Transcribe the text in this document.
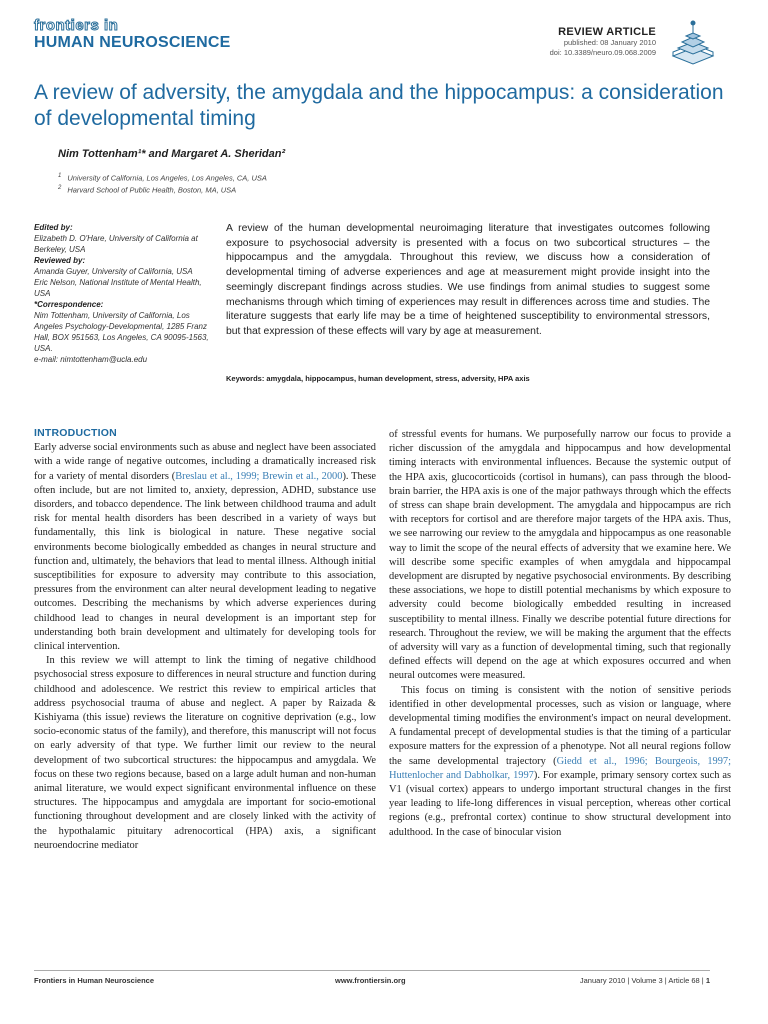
frontiers in
HUMAN NEUROSCIENCE
REVIEW ARTICLE
published: 08 January 2010
doi: 10.3389/neuro.09.068.2009
A review of adversity, the amygdala and the hippocampus: a consideration of developmental timing
Nim Tottenham¹* and Margaret A. Sheridan²
$^1$ University of California, Los Angeles, Los Angeles, CA, USA
$^2$ Harvard School of Public Health, Boston, MA, USA
Edited by:
Elizabeth D. O'Hare, University of California at Berkeley, USA
Reviewed by:
Amanda Guyer, University of California, USA
Eric Nelson, National Institute of Mental Health, USA
*Correspondence:
Nim Tottenham, University of California, Los Angeles Psychology-Developmental, 1285 Franz Hall, BOX 951563, Los Angeles, CA 90095-1563, USA.
e-mail: nimtottenham@ucla.edu

A review of the human developmental neuroimaging literature that investigates outcomes following exposure to psychosocial adversity is presented with a focus on two subcortical structures – the hippocampus and the amygdala. Throughout this review, we discuss how a consideration of developmental timing of adverse experiences and age at measurement might provide insight into the seemingly discrepant findings across studies. We use findings from animal studies to suggest some mechanisms through which timing of experiences may result in differences across time and studies. The literature suggests that early life may be a time of heightened susceptibility to environmental stressors, but that expression of these effects will vary by age at measurement.

Keywords: amygdala, hippocampus, human development, stress, adversity, HPA axis
INTRODUCTION

Early adverse social environments such as abuse and neglect have been associated with a wide range of negative outcomes, including a dramatically increased risk for a variety of mental disorders (Breslau et al., 1999; Brewin et al., 2000). These often include, but are not limited to, anxiety, depression, ADHD, substance use disorders, and tobacco dependence. The link between childhood trauma and adult risk for mental health disorders has been described in a variety of ways but fundamentally, this link is biological in nature. These negative social environments become biologically embedded as changes in neural structure and function and, ultimately, the behaviors that lead to mental illness. Although initial susceptibilities for exposure to adversity may contribute to this association, pressures from the environment can alter neural development leading to negative outcomes. Describing the mechanisms by which adverse experiences during childhood lead to changes in neural development is an important step for understanding both brain development and ultimately for developing tools for clinical intervention.

In this review we will attempt to link the timing of negative childhood psychosocial stress exposure to differences in neural structure and function during childhood and adolescence. We restrict this review to empirical articles that address psychosocial trauma of abuse and neglect. A paper by Raizada & Kishiyama (this issue) reviews the literature on cognitive deprivation (e.g., low socio-economic status of the family), and therefore, this manuscript will not focus on early adversity of that type. We further limit our review to the neural development of two subcortical structures: the hippocampus and amygdala. We focus on these two regions because, based on a large adult human and non-human animal literature, we would expect significant environmental influence on these structures. The hippocampus and amygdala are important for socio-emotional functioning throughout development and are closely linked with the activity of the hypothalamic pituitary adrenocortical (HPA) axis, a significant neuroendocrine mediator

of stressful events for humans. We purposefully narrow our focus to provide a richer discussion of the amygdala and hippocampus and how developmental timing interacts with environmental influences. Because the systemic output of the HPA axis, glucocorticoids (cortisol in humans), can pass through the blood-brain barrier, the HPA axis is one of the major pathways through which the effects of stress can shape brain development. The amygdala and hippocampus are rich with receptors for cortisol and are therefore major targets of the HPA axis. Thus, we see narrowing our review to the amygdala and hippocampus as one reasonable way to limit the scope of the neural effects of adversity that we examine here. We will describe some specific examples of when amygdala and hippocampal development are disrupted by negative psychosocial environments. By describing these associations, we hope to distill potential mechanisms by which exposure to adversity could become biologically embedded resulting in increased susceptibility to mental illness. Finally we describe potential future directions for research. Throughout the review, we will be making the argument that the effects of adversity will vary as a function of developmental timing, such that regionally defined effects will depend on the age at which exposures occurred and when neural outcomes were measured.

This focus on timing is consistent with the notion of sensitive periods identified in other developmental processes, such as vision or language, where developmental timing modifies the environment's impact on neural development. A fundamental precept of developmental studies is that the timing of a particular exposure matters for the expression of a phenotype. Not all neural regions follow the same developmental trajectory (Giedd et al., 1996; Bourgeois, 1997; Huttenlocher and Dabholkar, 1997). For example, primary sensory cortex such as V1 (visual cortex) appears to undergo important structural changes in the first year leading to life-long differences in visual perception, whereas other cortical regions (e.g., prefrontal cortex) continue to show structural development into adulthood. In the case of binocular vision

Frontiers in Human Neuroscience	www.frontiersin.org	January 2010 | Volume 3 | Article 68 | 1
